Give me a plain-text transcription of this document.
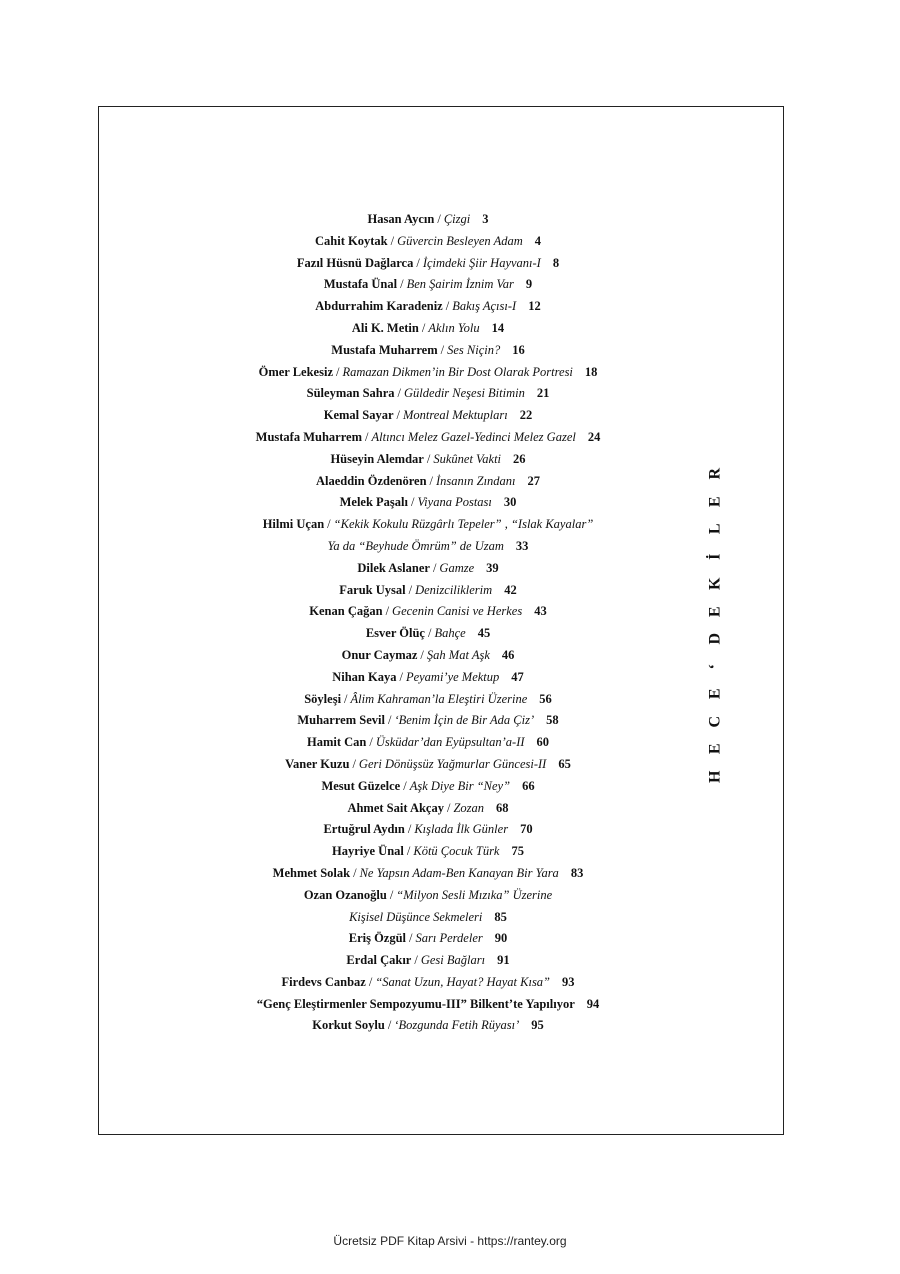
Hasan Aycın / Çizgi 3
Cahit Koytak / Güvercin Besleyen Adam 4
Fazıl Hüsnü Dağlarca / İçimdeki Şiir Hayvanı-I 8
Mustafa Ünal / Ben Şairim İznim Var 9
Abdurrahim Karadeniz / Bakış Açısı-I 12
Ali K. Metin / Aklın Yolu 14
Mustafa Muharrem / Ses Niçin? 16
Ömer Lekesiz / Ramazan Dikmen’in Bir Dost Olarak Portresi 18
Süleyman Sahra / Güldedir Neşesi Bitimin 21
Kemal Sayar / Montreal Mektupları 22
Mustafa Muharrem / Altıncı Melez Gazel-Yedinci Melez Gazel 24
Hüseyin Alemdar / Sukûnet Vakti 26
Alaeddin Özdenören / İnsanın Zındanı 27
Melek Paşalı / Viyana Postası 30
Hilmi Uçan / “Kekik Kokulu Rüzgârlı Tepeler” , “Islak Kayalar”
Ya da “Beyhude Ömrüm” de Uzam 33
Dilek Aslaner / Gamze 39
Faruk Uysal / Denizciliklerim 42
Kenan Çağan / Gecenin Canisi ve Herkes 43
Esver Ölüç / Bahçe 45
Onur Caymaz / Şah Mat Aşk 46
Nihan Kaya / Peyami’ye Mektup 47
Söyleşi / Âlim Kahraman’la Eleştiri Üzerine 56
Muharrem Sevil / ‘Benim İçin de Bir Ada Çiz’ 58
Hamit Can / Üsküdar’dan Eyüpsultan’a-II 60
Vaner Kuzu / Geri Dönüşsüz Yağmurlar Güncesi-II 65
Mesut Güzelce / Aşk Diye Bir “Ney” 66
Ahmet Sait Akçay / Zozan 68
Ertuğrul Aydın / Kışlada İlk Günler 70
Hayriye Ünal / Kötü Çocuk Türk 75
Mehmet Solak / Ne Yapsın Adam-Ben Kanayan Bir Yara 83
Ozan Ozanoğlu / “Milyon Sesli Mızıka” Üzerine
Kişisel Düşünce Sekmeleri 85
Eriş Özgül / Sarı Perdeler 90
Erdal Çakır / Gesi Bağları 91
Firdevs Canbaz / “Sanat Uzun, Hayat? Hayat Kısa” 93
“Genç Eleştirmenler Sempozyumu-III” Bilkent’te Yapılıyor 94
Korkut Soylu / ‘Bozgunda Fetih Rüyası’ 95
R
E
L
İ
K
E
D
‘
E
C
E
H
Ücretsiz PDF Kitap Arsivi - https://rantey.org
